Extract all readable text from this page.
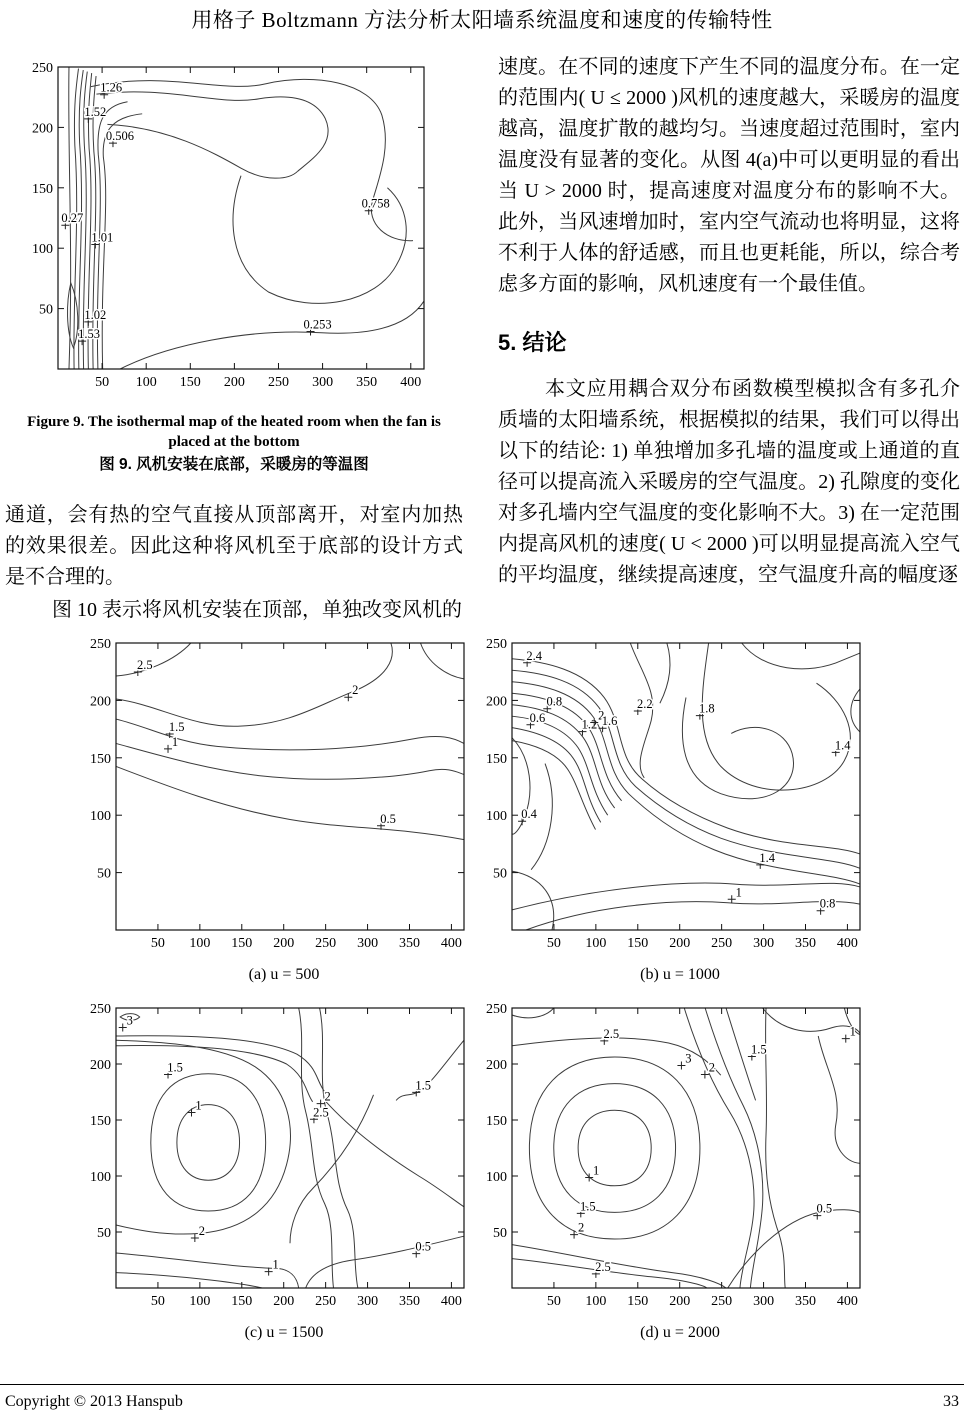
用格子 Boltzmann 方法分析太阳墙系统温度和速度的传输特性
50 100 150 200 250 300 350 400
50
100
150
200
250
1.26
1.52
0.506
0.27
1.01
0.758
1.02
1.53
0.253
Figure 9. The isothermal map of the heated room when the fan is placed at the bottom
图 9. 风机安装在底部，采暖房的等温图

通道，会有热的空气直接从顶部离开，对室内加热的效果很差。因此这种将风机至于底部的设计方式是不合理的。

图 10 表示将风机安装在顶部，单独改变风机的

速度。在不同的速度下产生不同的温度分布。在一定的范围内( U ≤ 2000 )风机的速度越大，采暖房的温度越高，温度扩散的越均匀。当速度超过范围时，室内温度没有显著的变化。从图 4(a)中可以更明显的看出当 U > 2000 时，提高速度对温度分布的影响不大。此外，当风速增加时，室内空气流动也将明显，这将不利于人体的舒适感，而且也更耗能，所以，综合考虑多方面的影响，风机速度有一个最佳值。

5. 结论

本文应用耦合双分布函数模型模拟含有多孔介质墙的太阳墙系统，根据模拟的结果，我们可以得出以下的结论: 1) 单独增加多孔墙的温度或上通道的直径可以提高流入采暖房的空气温度。2) 孔隙度的变化对多孔墙内空气温度的变化影响不大。3) 在一定范围内提高风机的速度( U < 2000 )可以明显提高流入空气的平均温度，继续提高速度，空气温度升高的幅度逐

50 100 150 200 250 300 350 400
50
100
150
200
250
2.5
2
1.5
1
0.5
(a) u = 500
50 100 150 200 250 300 350 400
50
100
150
200
250
2.4
0.8
0.6	1.2
2
1.6
2.2	1.8
1.4
0.4
1.4
1
0.8
(b) u = 1000
50 100 150 200 250 300 350 400
50
100
150
200
250
3
1.5
1
2
2.5
1.5
2
1
0.5
(c) u = 1500
50 100 150 200 250 300 350 400
50
100
150
200
250
2.5
3
2
1.5
1
1
1.5
2
2.5
0.5
(d) u = 2000
Copyright © 2013 Hanspub	33
